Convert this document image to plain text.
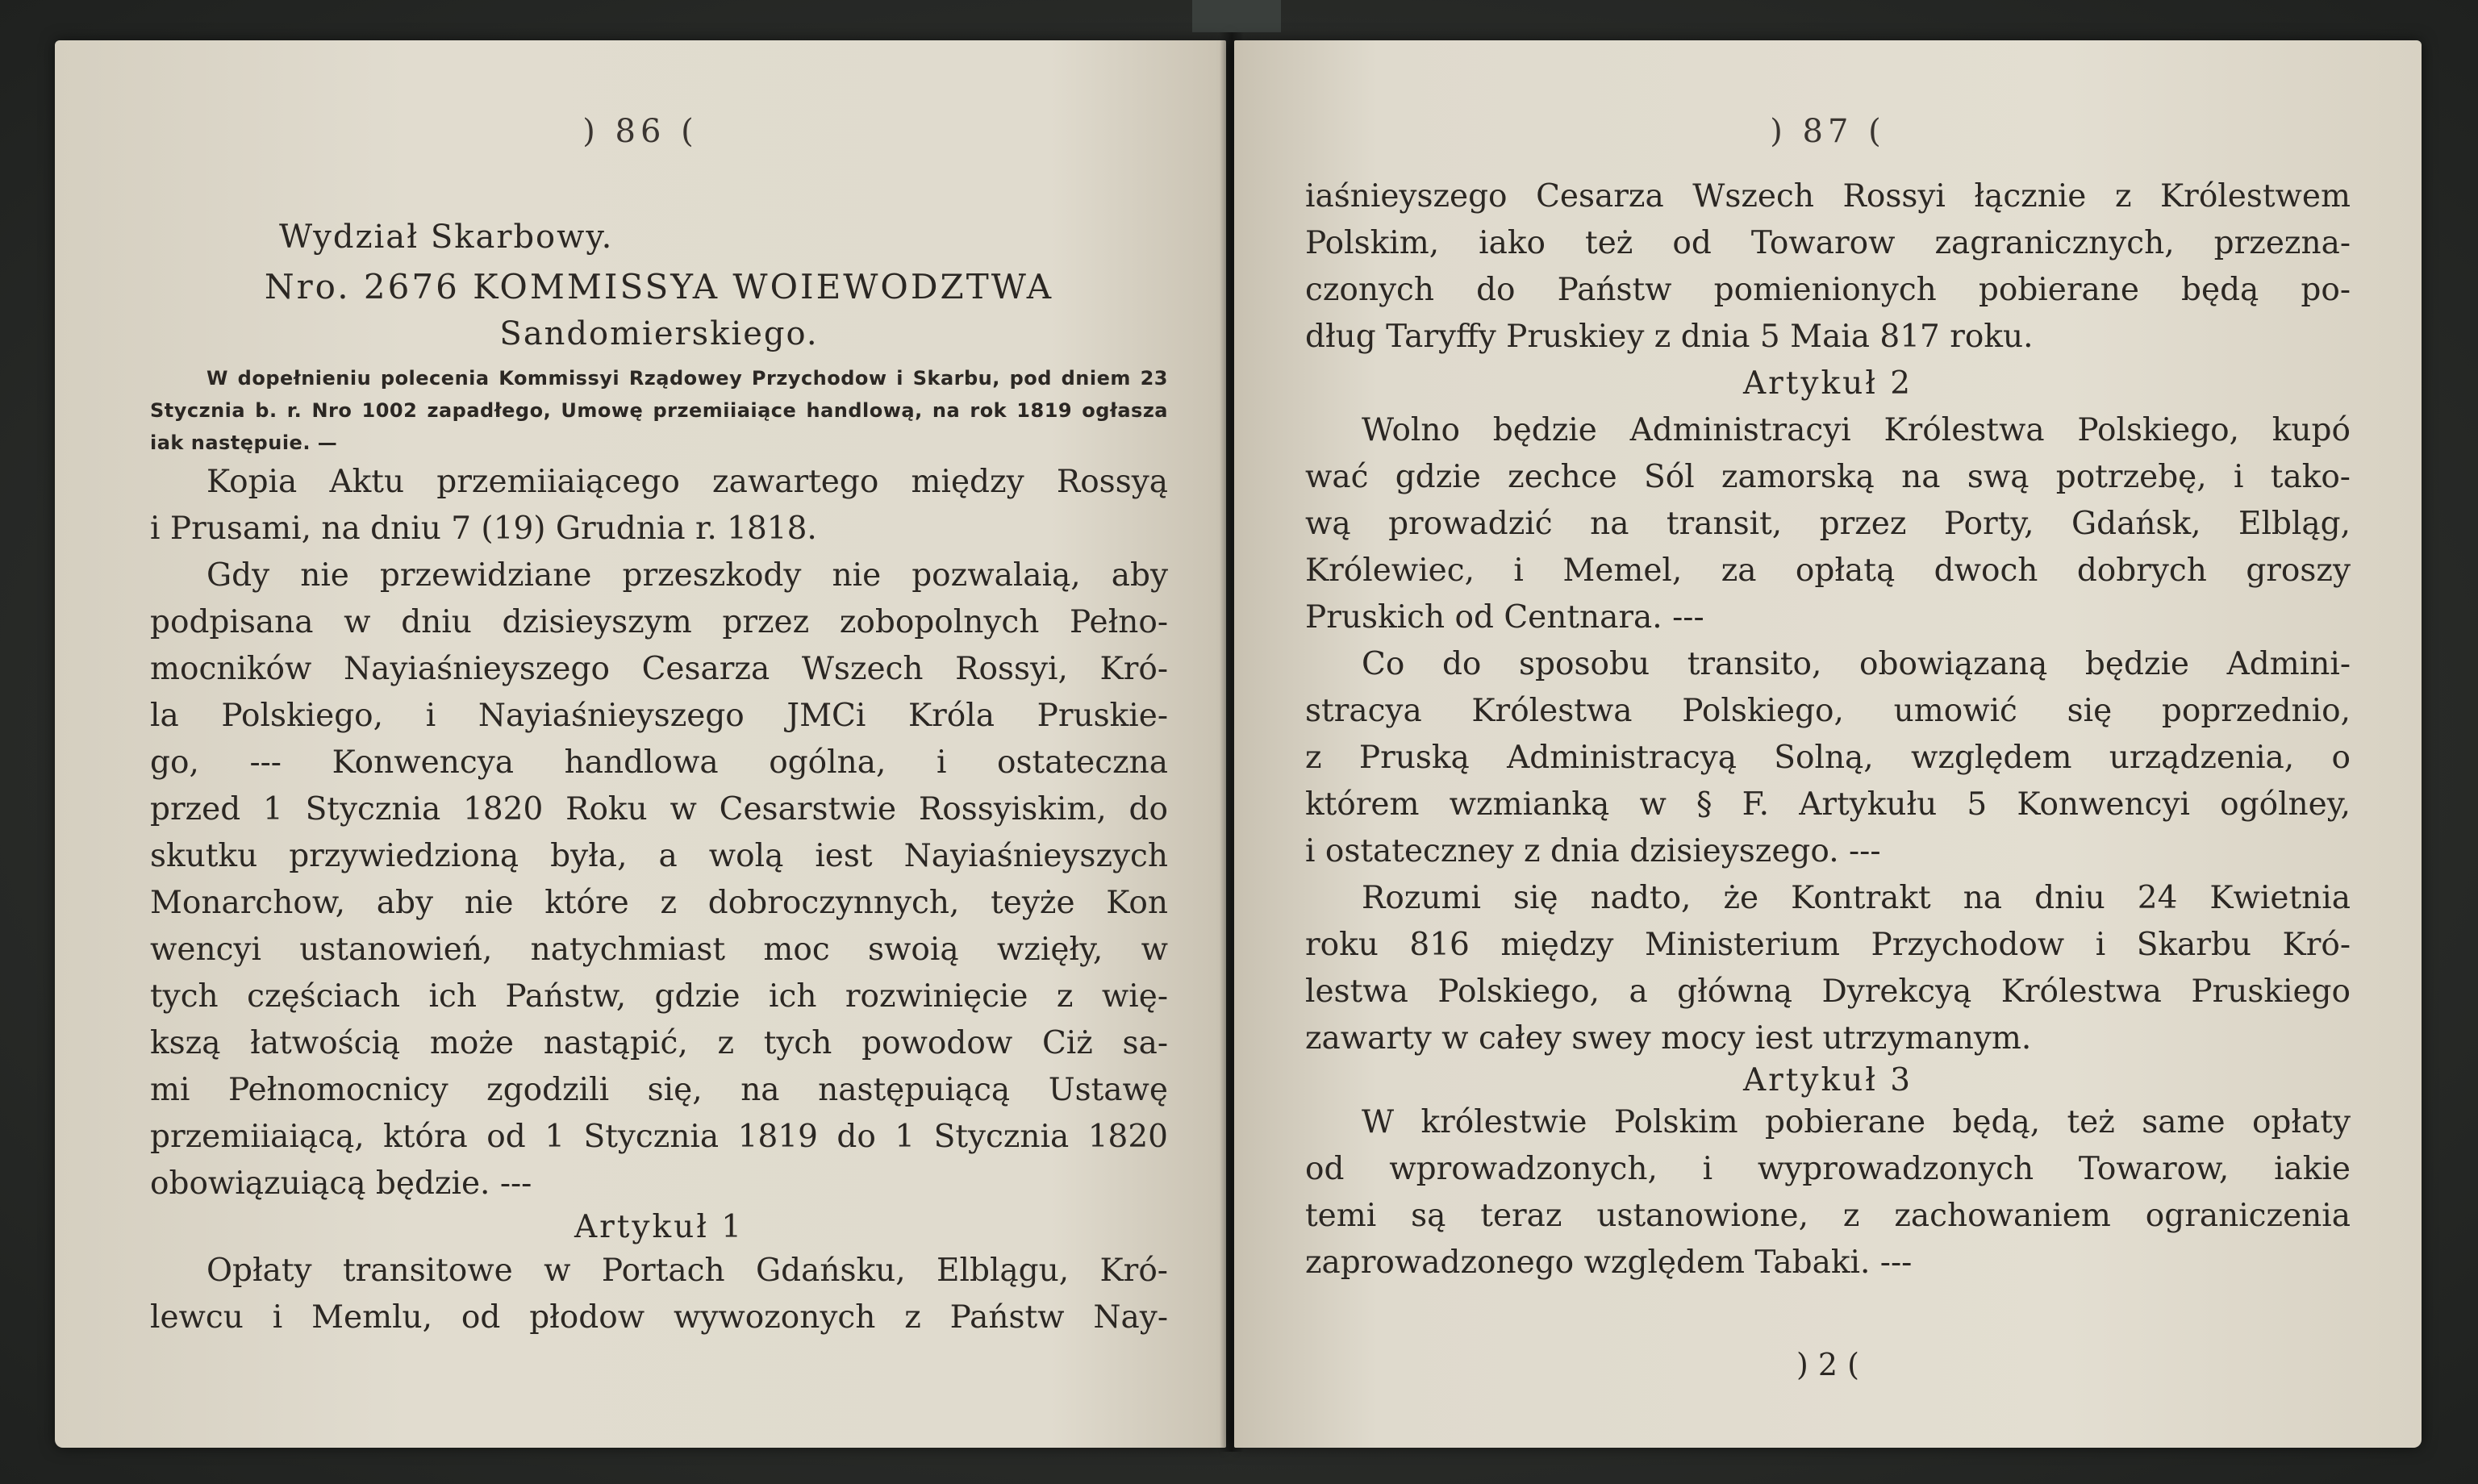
) 86 (
Wydział Skarbowy.
Nro. 2676 KOMMISSYA WOIEWODZTWA
Sandomierskiego.
W dopełnieniu polecenia Kommissyi Rządowey Przychodow i Skarbu, pod dniem 23
Stycznia b. r. Nro 1002 zapadłego, Umowę przemiiaiące handlową, na rok 1819 ogłasza
iak następuie. —
Kopia Aktu przemiiaiącego zawartego między Rossyą
i Prusami, na dniu 7 (19) Grudnia r. 1818.
Gdy nie przewidziane przeszkody nie pozwalaią, aby
podpisana w dniu dzisieyszym przez zobopolnych Pełno-
mocników Nayiaśnieyszego Cesarza Wszech Rossyi, Kró-
la Polskiego, i Nayiaśnieyszego JMCi Króla Pruskie-
go, --- Konwencya handlowa ogólna, i ostateczna
przed 1 Stycznia 1820 Roku w Cesarstwie Rossyiskim, do
skutku przywiedzioną była, a wolą iest Nayiaśnieyszych
Monarchow, aby nie które z dobroczynnych, teyże Kon
wencyi ustanowień, natychmiast moc swoią wzięły, w
tych częściach ich Państw, gdzie ich rozwinięcie z wię-
kszą łatwością może nastąpić, z tych powodow Ciż sa-
mi Pełnomocnicy zgodzili się, na następuiącą Ustawę
przemiiaiącą, która od 1 Stycznia 1819 do 1 Stycznia 1820
obowiązuiącą będzie. ---
Artykuł 1
Opłaty transitowe w Portach Gdańsku, Elblągu, Kró-
lewcu i Memlu, od płodow wywozonych z Państw Nay-
) 87 (
iaśnieyszego Cesarza Wszech Rossyi łącznie z Królestwem
Polskim, iako też od Towarow zagranicznych, przezna-
czonych do Państw pomienionych pobierane będą po-
dług Taryffy Pruskiey z dnia 5 Maia 817 roku.
Artykuł 2
Wolno będzie Administracyi Królestwa Polskiego, kupó
wać gdzie zechce Sól zamorską na swą potrzebę, i tako-
wą prowadzić na transit, przez Porty, Gdańsk, Elbląg,
Królewiec, i Memel, za opłatą dwoch dobrych groszy
Pruskich od Centnara. ---
Co do sposobu transito, obowiązaną będzie Admini-
stracya Królestwa Polskiego, umowić się poprzednio,
z Pruską Administracyą Solną, względem urządzenia, o
którem wzmianką w § F. Artykułu 5 Konwencyi ogólney,
i ostateczney z dnia dzisieyszego. ---
Rozumi się nadto, że Kontrakt na dniu 24 Kwietnia
roku 816 między Ministerium Przychodow i Skarbu Kró-
lestwa Polskiego, a główną Dyrekcyą Królestwa Pruskiego
zawarty w całey swey mocy iest utrzymanym.
Artykuł 3
W królestwie Polskim pobierane będą, też same opłaty
od wprowadzonych, i wyprowadzonych Towarow, iakie
temi są teraz ustanowione, z zachowaniem ograniczenia
zaprowadzonego względem Tabaki. ---
) 2 (
